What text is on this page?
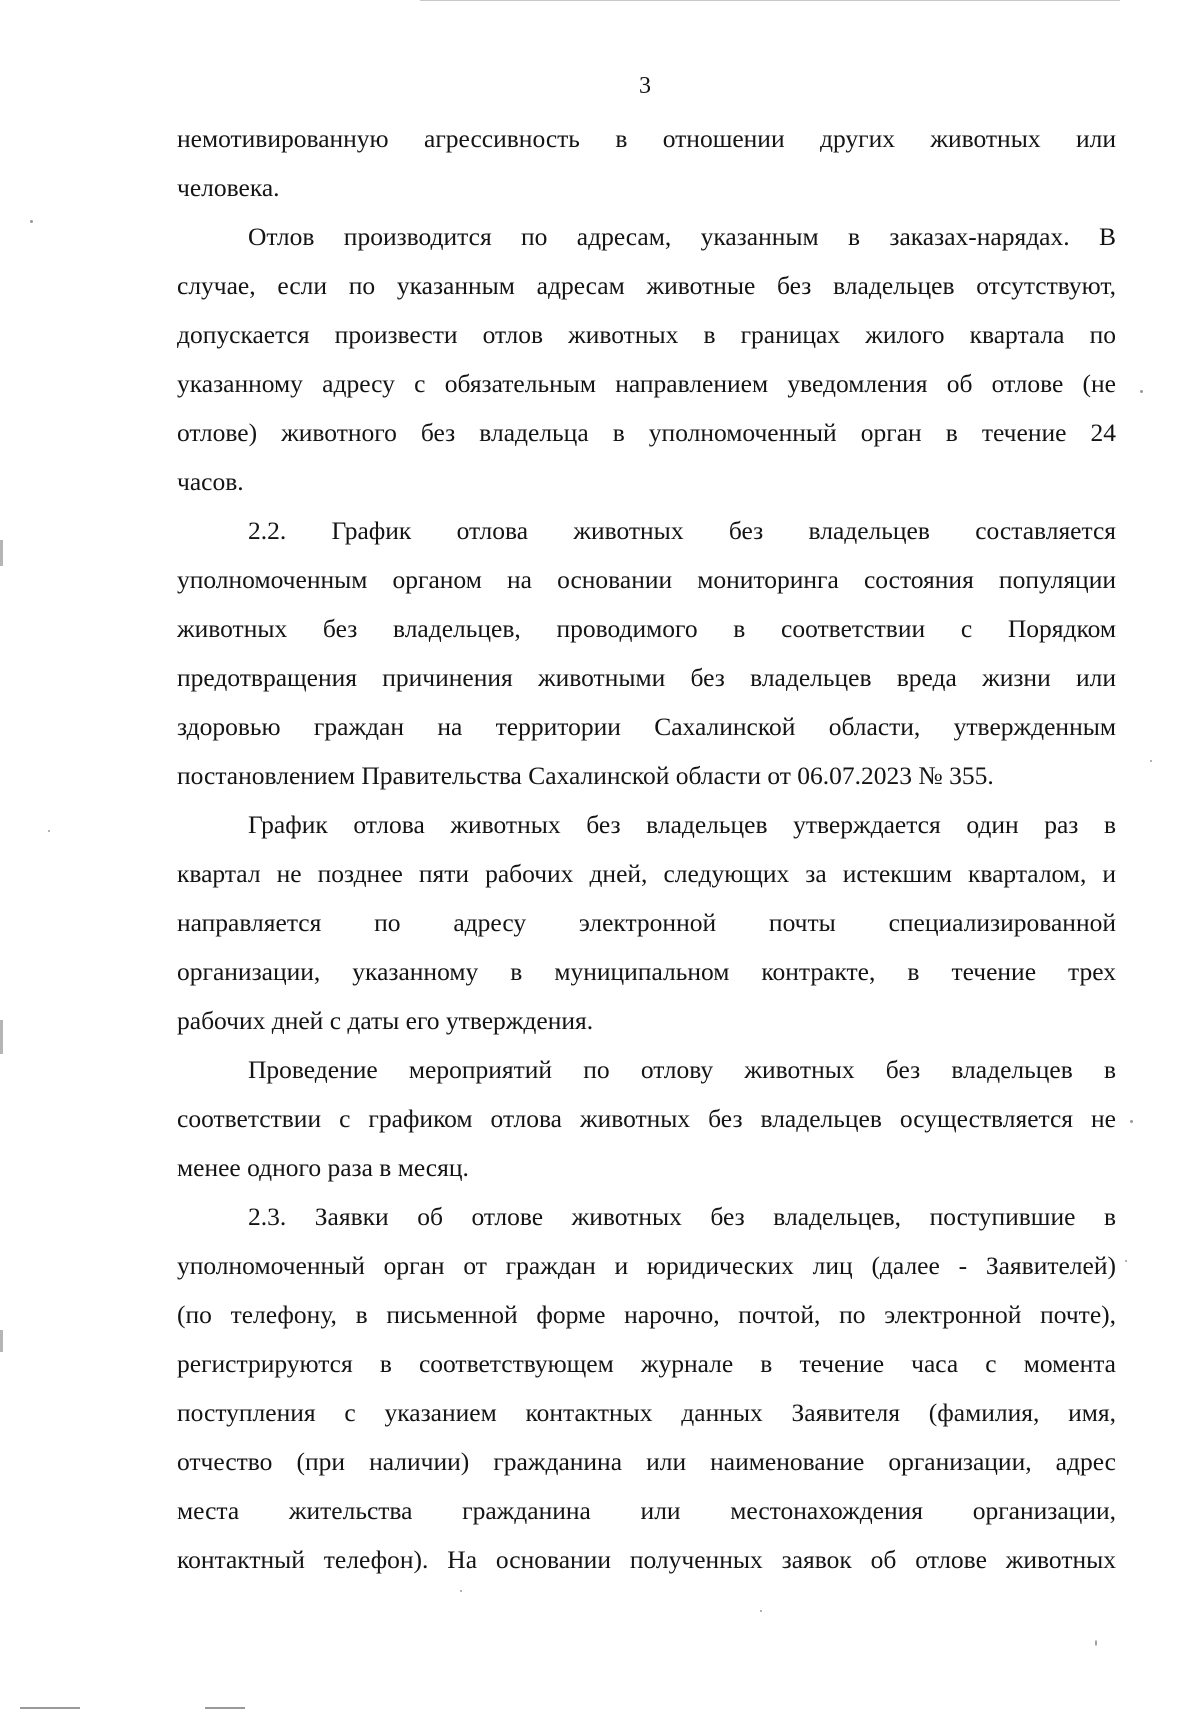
3

немотивированную агрессивность в отношении других животных или
человека.

Отлов производится по адресам, указанным в заказах-нарядах. В
случае, если по указанным адресам животные без владельцев отсутствуют,
допускается произвести отлов животных в границах жилого квартала по
указанному адресу с обязательным направлением уведомления об отлове (не
отлове) животного без владельца в уполномоченный орган в течение 24
часов.

2.2. График отлова животных без владельцев составляется
уполномоченным органом на основании мониторинга состояния популяции
животных без владельцев, проводимого в соответствии с Порядком
предотвращения причинения животными без владельцев вреда жизни или
здоровью граждан на территории Сахалинской области, утвержденным
постановлением Правительства Сахалинской области от 06.07.2023 № 355.

График отлова животных без владельцев утверждается один раз в
квартал не позднее пяти рабочих дней, следующих за истекшим кварталом, и
направляется по адресу электронной почты специализированной
организации, указанному в муниципальном контракте, в течение трех
рабочих дней с даты его утверждения.

Проведение мероприятий по отлову животных без владельцев в
соответствии с графиком отлова животных без владельцев осуществляется не
менее одного раза в месяц.

2.3. Заявки об отлове животных без владельцев, поступившие в
уполномоченный орган от граждан и юридических лиц (далее - Заявителей)
(по телефону, в письменной форме нарочно, почтой, по электронной почте),
регистрируются в соответствующем журнале в течение часа с момента
поступления с указанием контактных данных Заявителя (фамилия, имя,
отчество (при наличии) гражданина или наименование организации, адрес
места жительства гражданина или местонахождения организации,
контактный телефон). На основании полученных заявок об отлове животных
